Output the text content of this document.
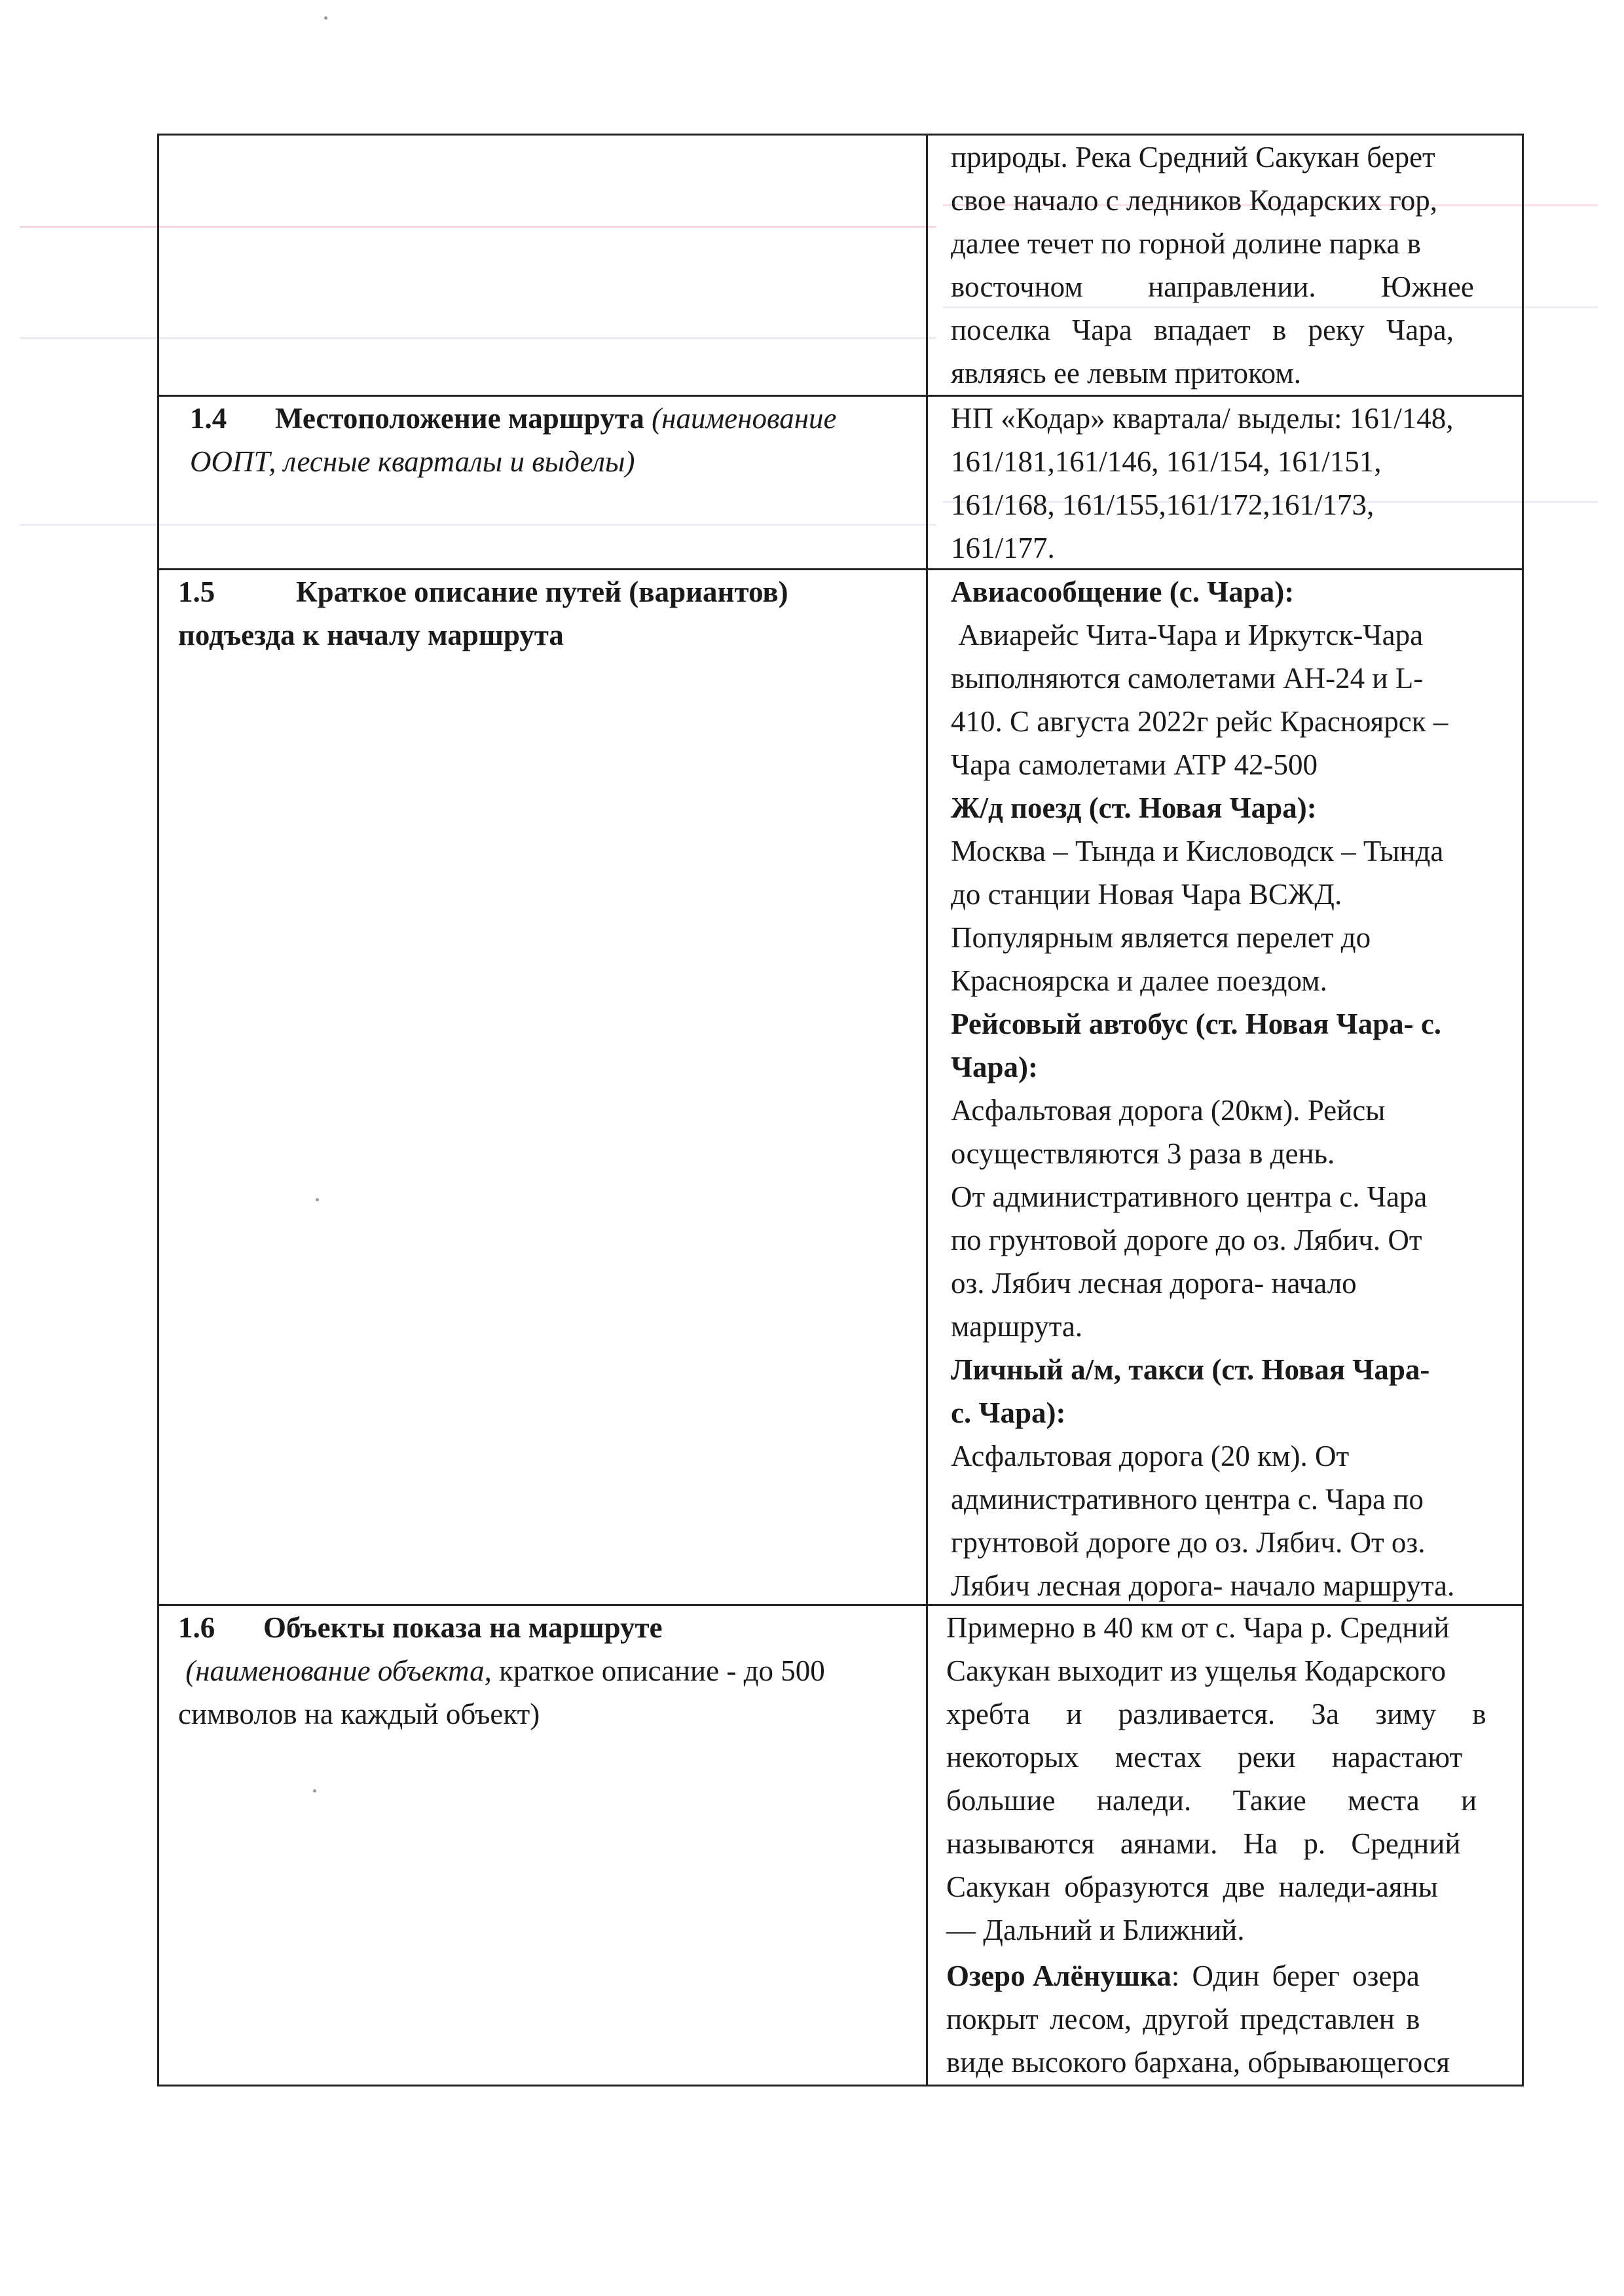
природы. Река Средний Сакукан берет
свое начало с ледников Кодарских гор,
далее течет по горной долине парка в
восточном направлении. Южнее
поселка Чара впадает в реку Чара,
являясь ее левым притоком.
1.4 Местоположение маршрута (наименование
ООПТ, лесные кварталы и выделы)
НП «Кодар» квартала/ выделы: 161/148,
161/181,161/146, 161/154, 161/151,
161/168, 161/155,161/172,161/173,
161/177.
1.5	Краткое описание путей (вариантов)
подъезда к началу маршрута
Авиасообщение (с. Чара):
Авиарейс Чита-Чара и Иркутск-Чара
выполняются самолетами АН-24 и L-
410. С августа 2022г рейс Красноярск –
Чара самолетами АТР 42-500
Ж/д поезд (ст. Новая Чара):
Москва – Тында и Кисловодск – Тында
до станции Новая Чара ВСЖД.
Популярным является перелет до
Красноярска и далее поездом.
Рейсовый автобус (ст. Новая Чара- с.
Чара):
Асфальтовая дорога (20км). Рейсы
осуществляются 3 раза в день.
От административного центра с. Чара
по грунтовой дороге до оз. Лябич. От
оз. Лябич лесная дорога- начало
маршрута.
Личный а/м, такси (ст. Новая Чара-
с. Чара):
Асфальтовая дорога (20 км). От
административного центра с. Чара по
грунтовой дороге до оз. Лябич. От оз.
Лябич лесная дорога- начало маршрута.
1.6 Объекты показа на маршруте
(наименование объекта, краткое описание - до 500
символов на каждый объект)
Примерно в 40 км от с. Чара р. Средний
Сакукан выходит из ущелья Кодарского
хребта и разливается. За зиму в
некоторых местах реки нарастают
большие наледи. Такие места и
называются аянами. На р. Средний
Сакукан образуются две наледи-аяны
— Дальний и Ближний.
Озеро Алёнушка: Один берег озера
покрыт лесом, другой представлен в
виде высокого бархана, обрывающегося
